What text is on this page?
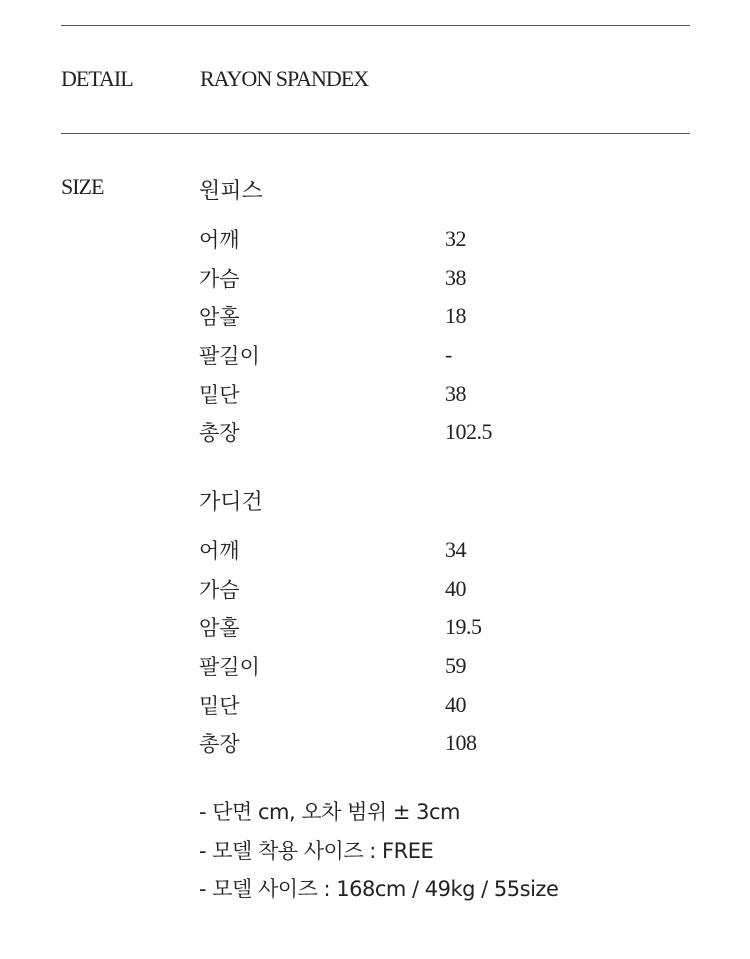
DETAIL	RAYON SPANDEX
SIZE	원피스
어깨	32
가슴	38
암홀	18
팔길이	-
밑단	38
총장	102.5
가디건
어깨	34
가슴	40
암홀	19.5
팔길이	59
밑단	40
총장	108
- 단면 cm, 오차 범위 ± 3cm
- 모델 착용 사이즈 : FREE
- 모델 사이즈 : 168cm / 49kg / 55size
